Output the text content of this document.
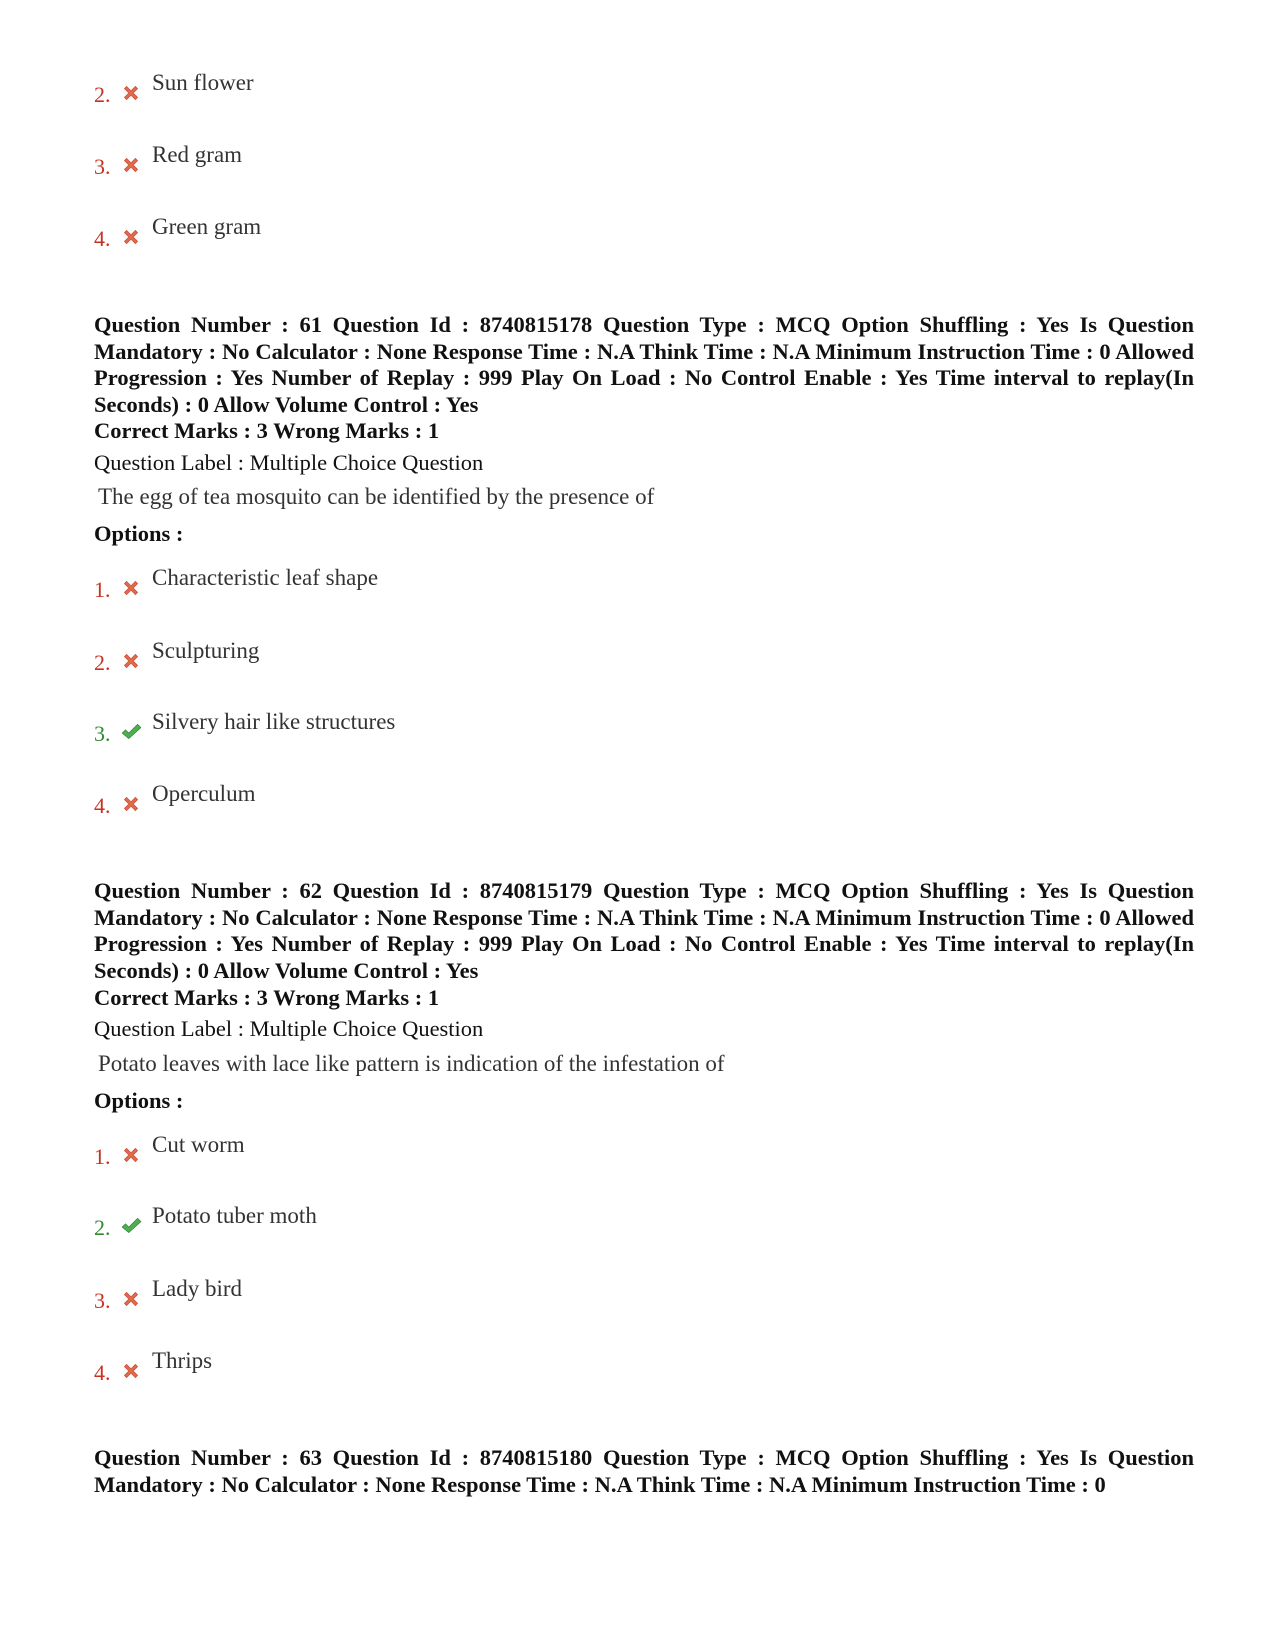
2.	Sun flower
3.	Red gram
4.	Green gram
Question Number : 61 Question Id : 8740815178 Question Type : MCQ Option Shuffling : Yes Is Question Mandatory : No Calculator : None Response Time : N.A Think Time : N.A Minimum Instruction Time : 0 Allowed Progression : Yes Number of Replay : 999 Play On Load : No Control Enable : Yes Time interval to replay(In Seconds) : 0 Allow Volume Control : Yes
Correct Marks : 3 Wrong Marks : 1
Question Label : Multiple Choice Question
The egg of tea mosquito can be identified by the presence of
Options :
1.	Characteristic leaf shape
2.	Sculpturing
3.	Silvery hair like structures
4.	Operculum
Question Number : 62 Question Id : 8740815179 Question Type : MCQ Option Shuffling : Yes Is Question Mandatory : No Calculator : None Response Time : N.A Think Time : N.A Minimum Instruction Time : 0 Allowed Progression : Yes Number of Replay : 999 Play On Load : No Control Enable : Yes Time interval to replay(In Seconds) : 0 Allow Volume Control : Yes
Correct Marks : 3 Wrong Marks : 1
Question Label : Multiple Choice Question
Potato leaves with lace like pattern is indication of the infestation of
Options :
1.	Cut worm
2.	Potato tuber moth
3.	Lady bird
4.	Thrips
Question Number : 63 Question Id : 8740815180 Question Type : MCQ Option Shuffling : Yes Is Question Mandatory : No Calculator : None Response Time : N.A Think Time : N.A Minimum Instruction Time : 0
